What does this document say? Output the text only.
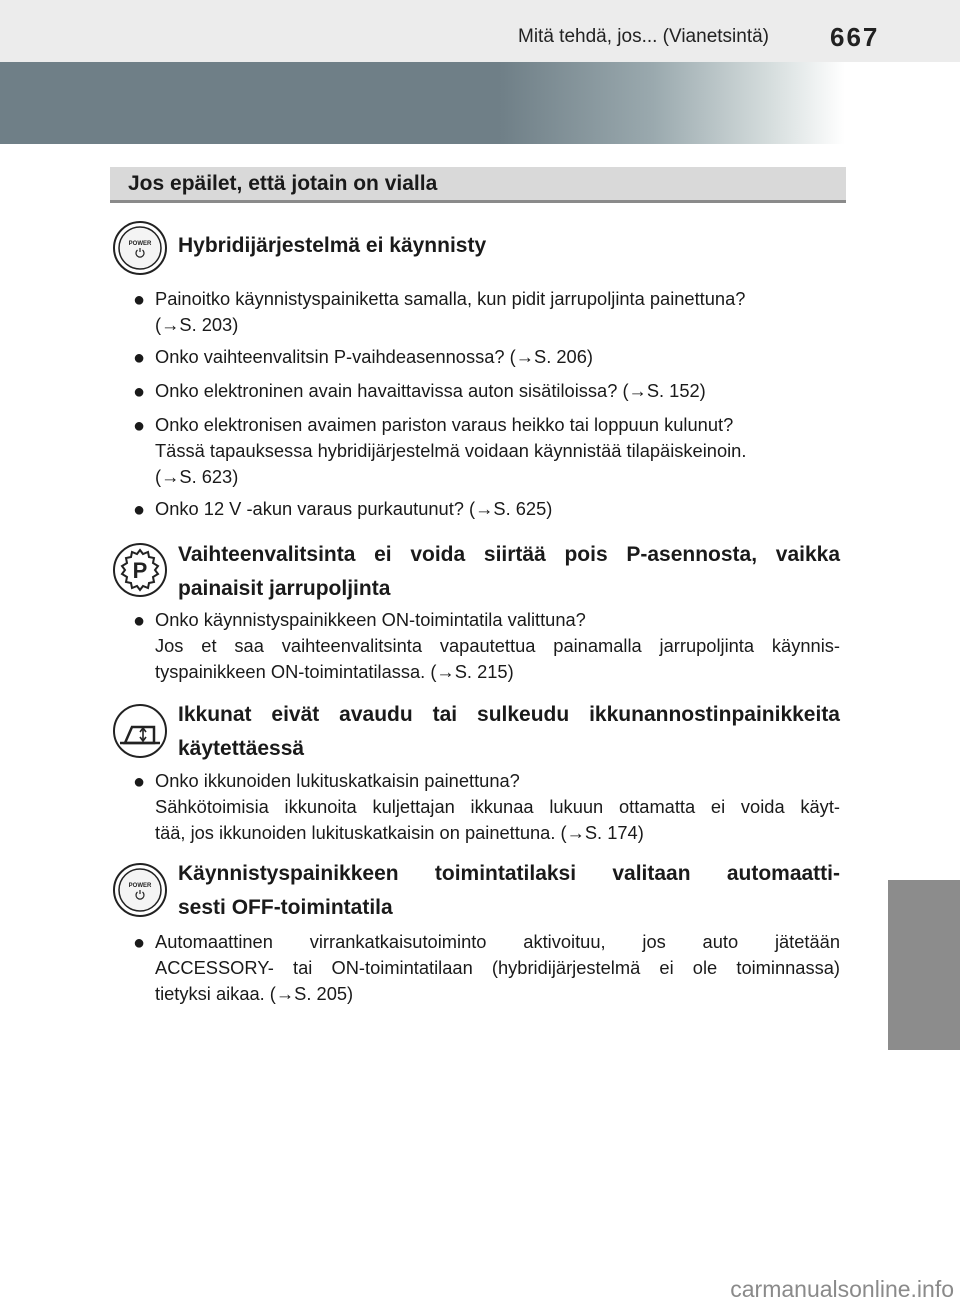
Mitä tehdä, jos... (Vianetsintä) 667
Jos epäilet, että jotain on vialla
POWER Hybridijärjestelmä ei käynnisty
● Painoitko käynnistyspainiketta samalla, kun pidit jarrupoljinta painettuna?
(→S. 203)
● Onko vaihteenvalitsin P-vaihdeasennossa? (→S. 206)
● Onko elektroninen avain havaittavissa auton sisätiloissa? (→S. 152)
● Onko elektronisen avaimen pariston varaus heikko tai loppuun kulunut?
Tässä tapauksessa hybridijärjestelmä voidaan käynnistää tilapäiskeinoin.
(→S. 623)
● Onko 12 V -akun varaus purkautunut? (→S. 625)
P
Vaihteenvalitsinta ei voida siirtää pois P-asennosta, vaikka
painaisit jarrupoljinta
● Onko käynnistyspainikkeen ON-toimintatila valittuna?
Jos et saa vaihteenvalitsinta vapautettua painamalla jarrupoljinta käynnis-
tyspainikkeen ON-toimintatilassa. (→S. 215)
Ikkunat eivät avaudu tai sulkeudu ikkunannostinpainikkeita
käytettäessä
● Onko ikkunoiden lukituskatkaisin painettuna?
Sähkötoimisia ikkunoita kuljettajan ikkunaa lukuun ottamatta ei voida käyt-
tää, jos ikkunoiden lukituskatkaisin on painettuna. (→S. 174)
POWER
Käynnistyspainikkeen toimintatilaksi valitaan automaatti-
sesti OFF-toimintatila
● Automaattinen virrankatkaisutoiminto aktivoituu, jos auto jätetään
ACCESSORY- tai ON-toimintatilaan (hybridijärjestelmä ei ole toiminnassa)
tietyksi aikaa. (→S. 205)
carmanualsonline.info
